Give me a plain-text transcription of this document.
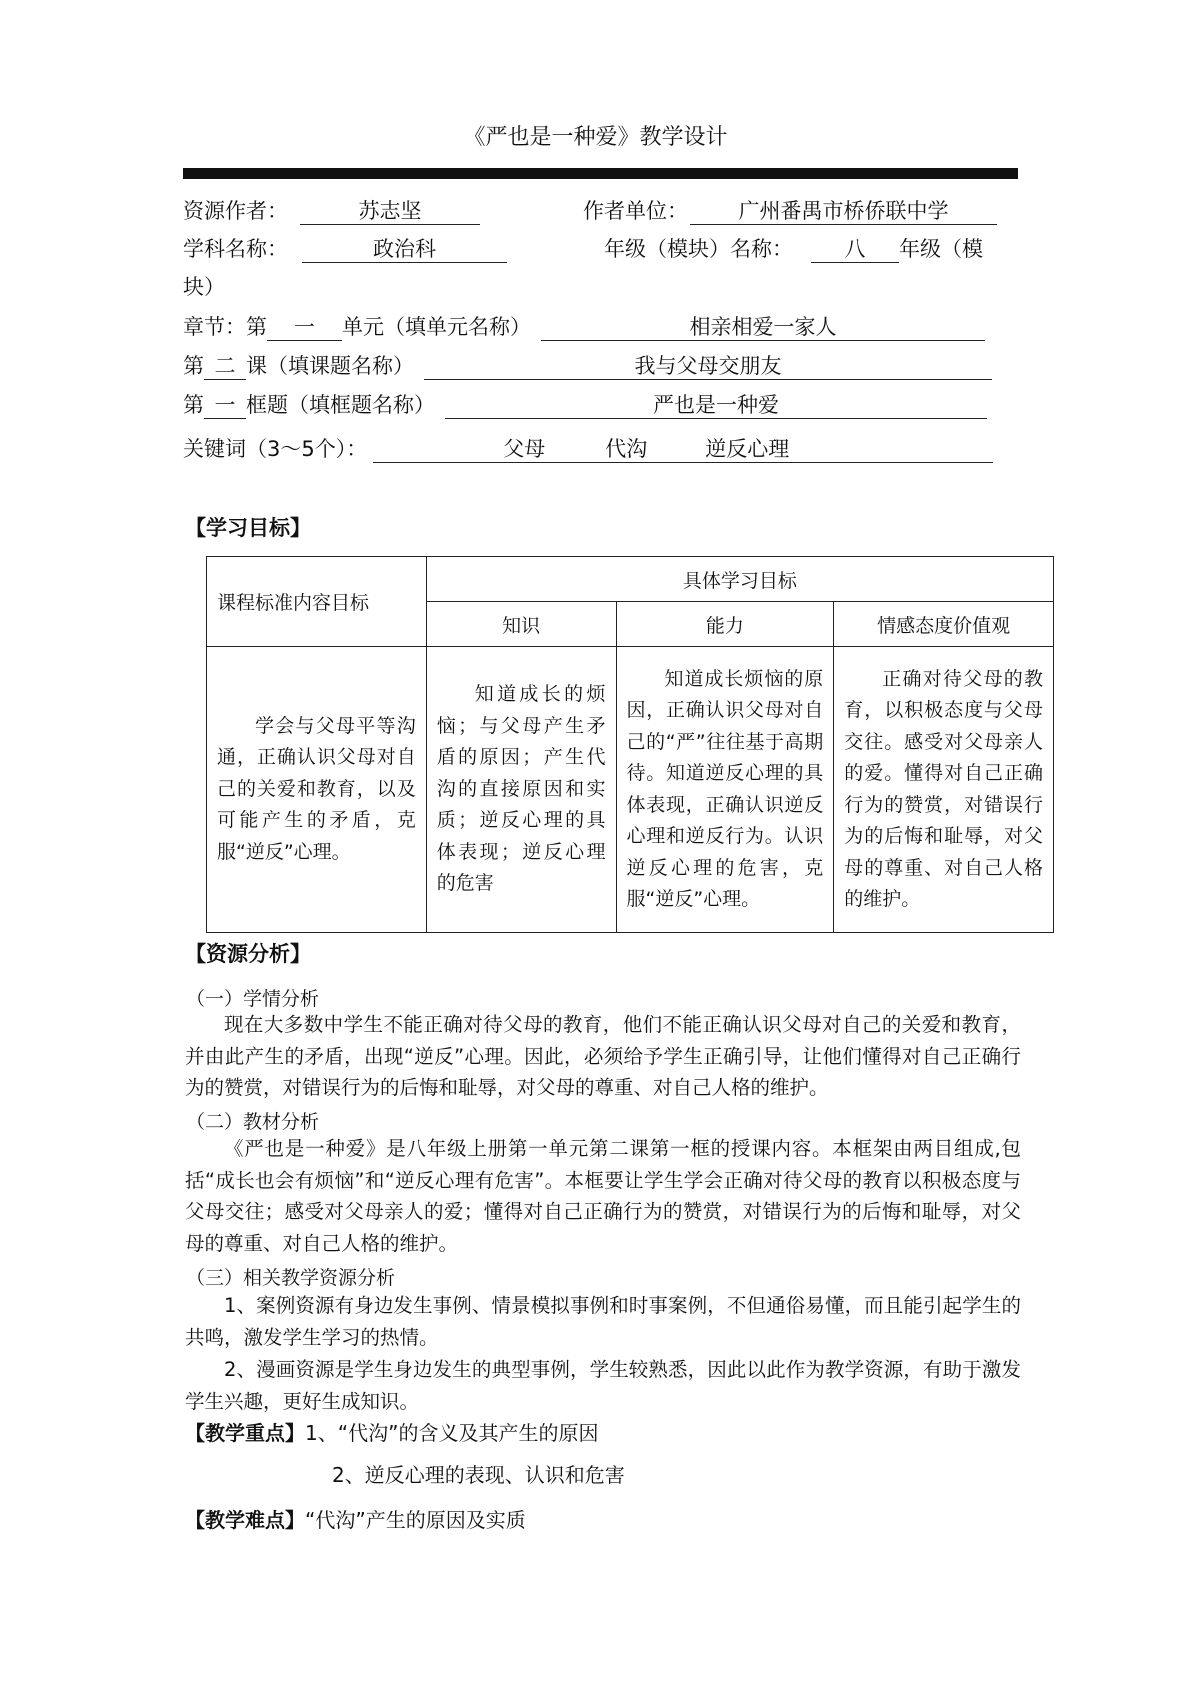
《严也是一种爱》教学设计
资源作者：	苏志坚	作者单位： 广州番禺市桥侨联中学
学科名称：	政治科	年级（模块）名称： 八 年级（模
块）
章节：第 一 单元（填单元名称）	相亲相爱一家人
第 二 课（填课题名称）	我与父母交朋友
第 一 框题（填框题名称）	严也是一种爱
关键词（3～5个）：	父母	代沟	逆反心理
【学习目标】
课程标准内容目标	具体学习目标		
	知识	能力	情感态度价值观

学会与父母平等沟通，正确认识父母对自己的关爱和教育，以及可能产生的矛盾，克服“逆反”心理。	知道成长的烦恼；与父母产生矛盾的原因；产生代沟的直接原因和实质；逆反心理的具体表现；逆反心理的危害	知道成长烦恼的原因，正确认识父母对自己的“严”往往基于高期待。知道逆反心理的具体表现，正确认识逆反心理和逆反行为。认识逆反心理的危害，克服“逆反”心理。	正确对待父母的教育，以积极态度与父母交往。感受对父母亲人的爱。懂得对自己正确行为的赞赏，对错误行为的后悔和耻辱，对父母的尊重、对自己人格的维护。
【资源分析】
（一）学情分析
现在大多数中学生不能正确对待父母的教育，他们不能正确认识父母对自己的关爱和教育，并由此产生的矛盾，出现“逆反”心理。因此，必须给予学生正确引导，让他们懂得对自己正确行为的赞赏，对错误行为的后悔和耻辱，对父母的尊重、对自己人格的维护。
（二）教材分析
《严也是一种爱》是八年级上册第一单元第二课第一框的授课内容。本框架由两目组成,包括“成长也会有烦恼”和“逆反心理有危害”。本框要让学生学会正确对待父母的教育以积极态度与父母交往；感受对父母亲人的爱；懂得对自己正确行为的赞赏，对错误行为的后悔和耻辱，对父母的尊重、对自己人格的维护。
（三）相关教学资源分析
1、案例资源有身边发生事例、情景模拟事例和时事案例，不但通俗易懂，而且能引起学生的共鸣，激发学生学习的热情。
2、漫画资源是学生身边发生的典型事例，学生较熟悉，因此以此作为教学资源，有助于激发学生兴趣，更好生成知识。
【教学重点】1、“代沟”的含义及其产生的原因
2、逆反心理的表现、认识和危害
【教学难点】“代沟”产生的原因及实质
